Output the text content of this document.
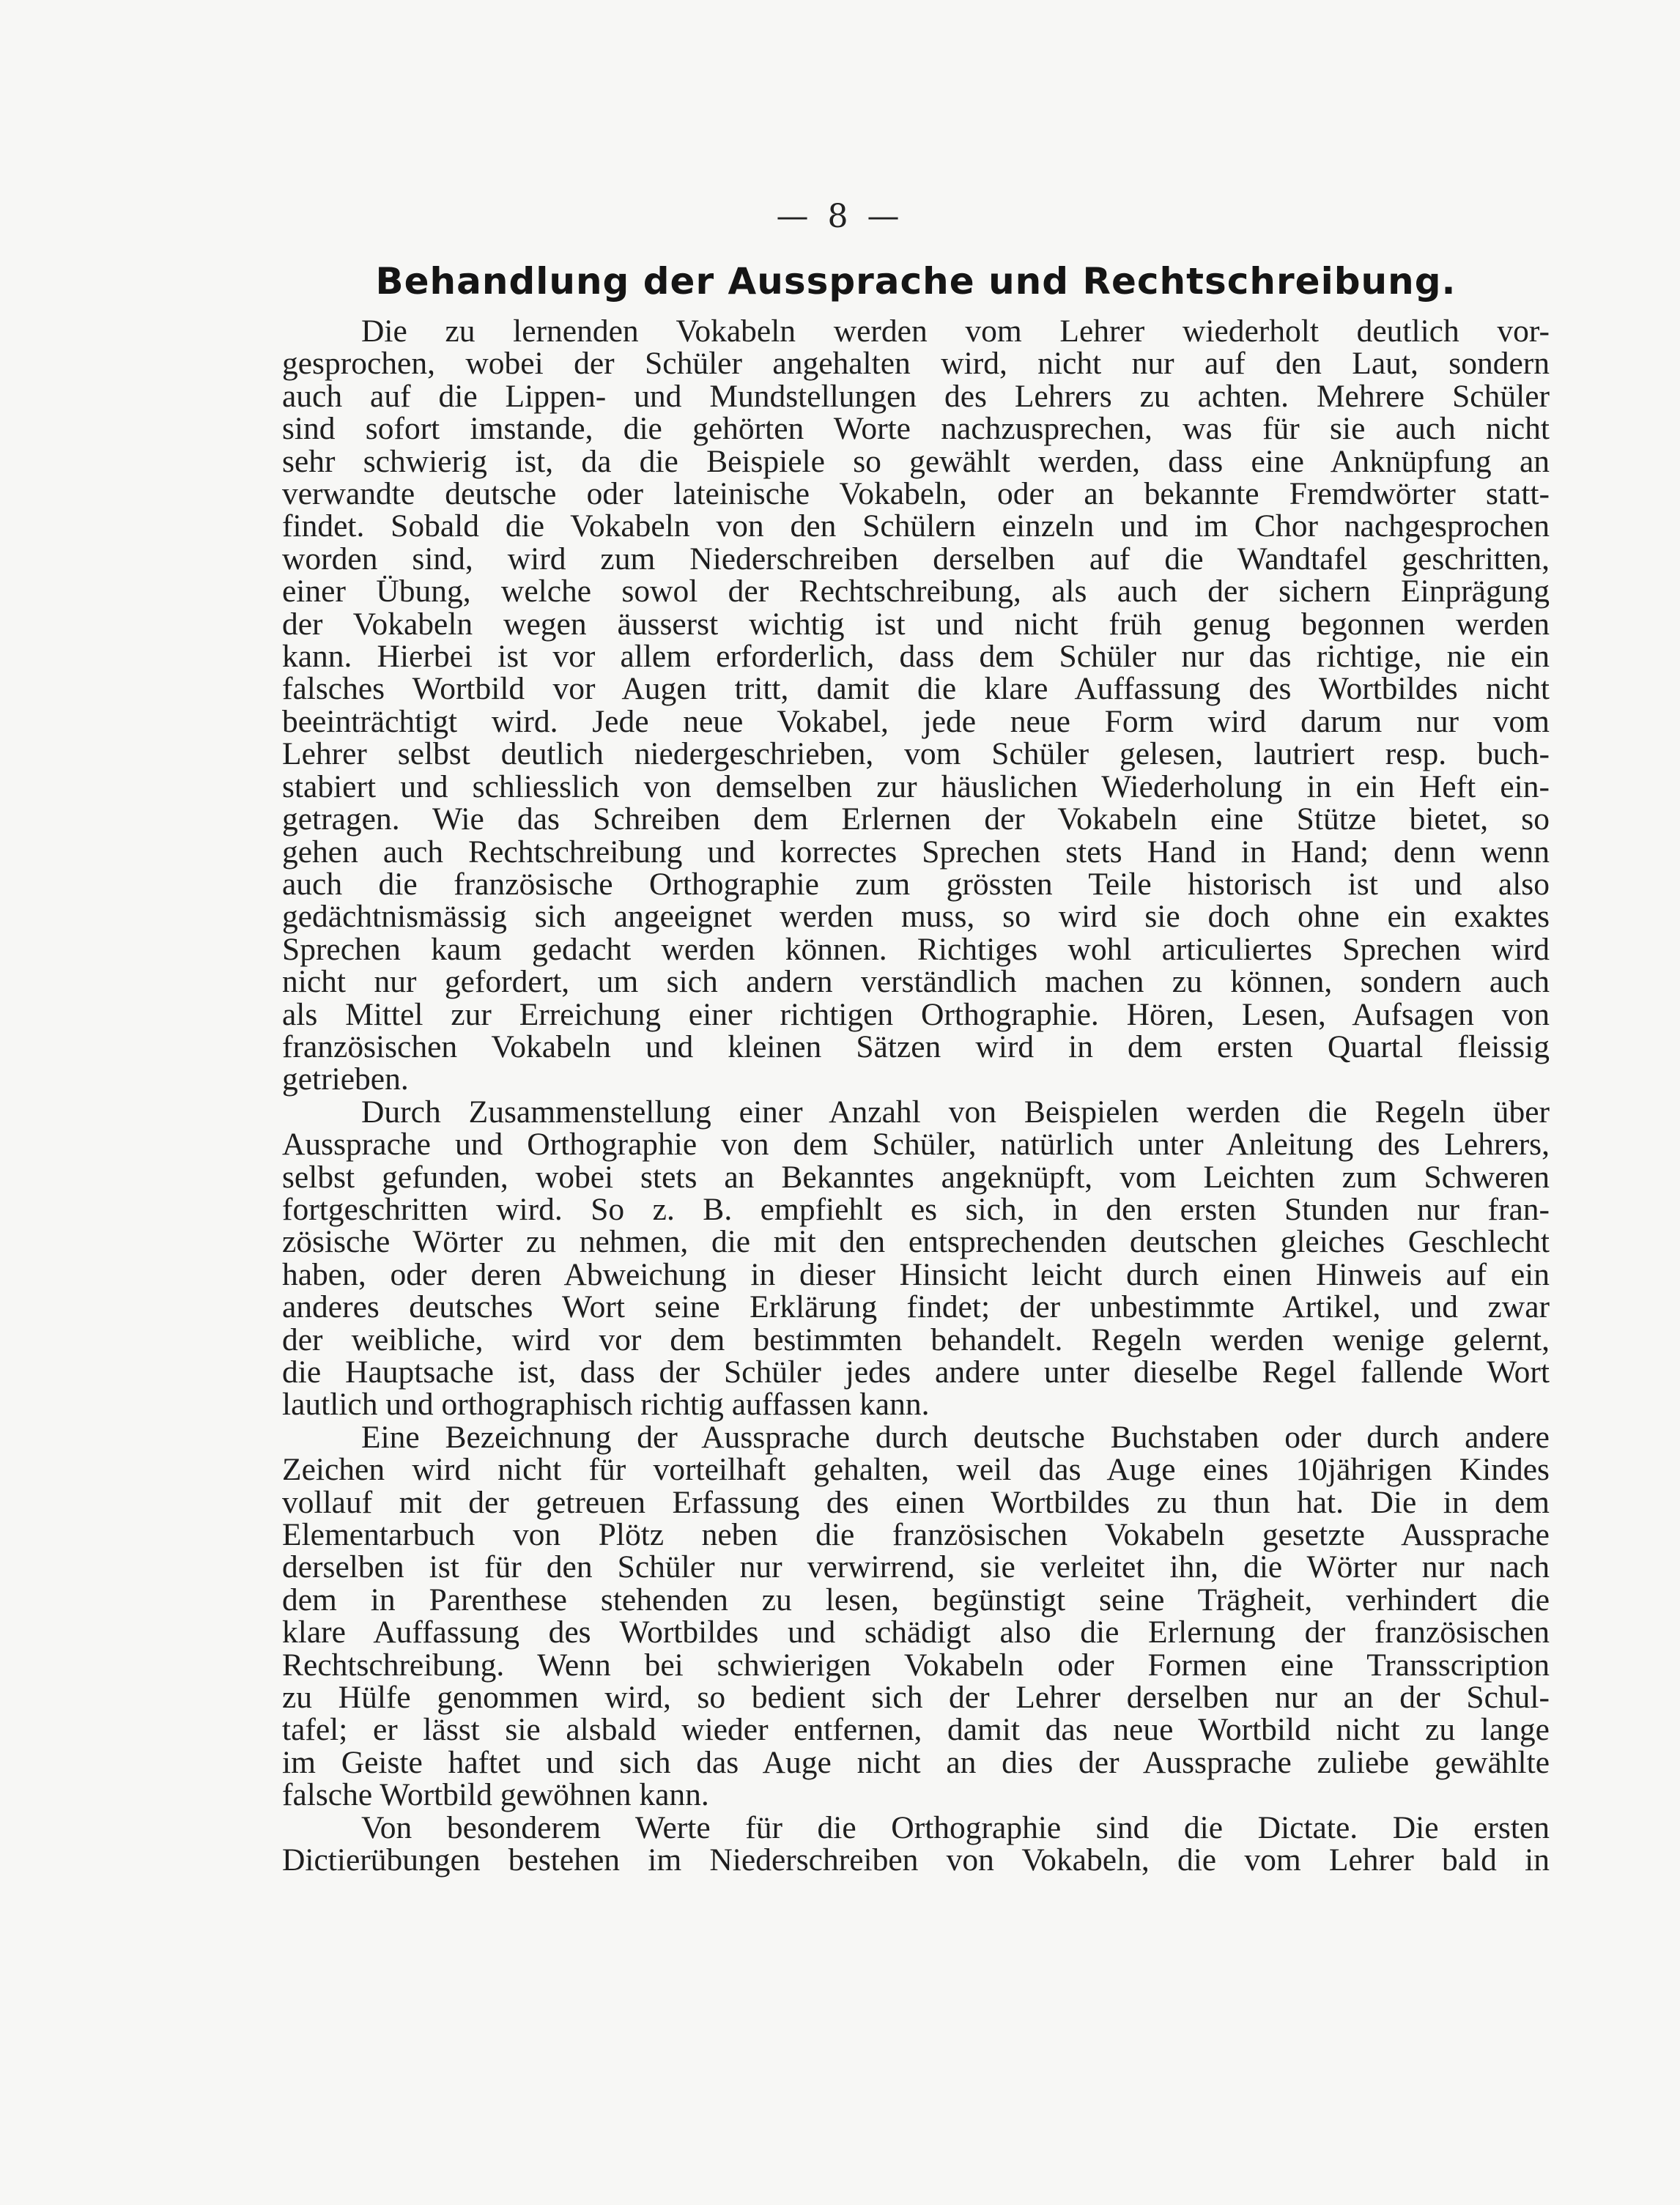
— 8 —
Behandlung der Aussprache und Rechtschreibung.
Die zu lernenden Vokabeln werden vom Lehrer wiederholt deutlich vor-
gesprochen, wobei der Schüler angehalten wird, nicht nur auf den Laut, sondern
auch auf die Lippen- und Mundstellungen des Lehrers zu achten. Mehrere Schüler
sind sofort imstande, die gehörten Worte nachzusprechen, was für sie auch nicht
sehr schwierig ist, da die Beispiele so gewählt werden, dass eine Anknüpfung an
verwandte deutsche oder lateinische Vokabeln, oder an bekannte Fremdwörter statt-
findet. Sobald die Vokabeln von den Schülern einzeln und im Chor nachgesprochen
worden sind, wird zum Niederschreiben derselben auf die Wandtafel geschritten,
einer Übung, welche sowol der Rechtschreibung, als auch der sichern Einprägung
der Vokabeln wegen äusserst wichtig ist und nicht früh genug begonnen werden
kann. Hierbei ist vor allem erforderlich, dass dem Schüler nur das richtige, nie ein
falsches Wortbild vor Augen tritt, damit die klare Auffassung des Wortbildes nicht
beeinträchtigt wird. Jede neue Vokabel, jede neue Form wird darum nur vom
Lehrer selbst deutlich niedergeschrieben, vom Schüler gelesen, lautriert resp. buch-
stabiert und schliesslich von demselben zur häuslichen Wiederholung in ein Heft ein-
getragen. Wie das Schreiben dem Erlernen der Vokabeln eine Stütze bietet, so
gehen auch Rechtschreibung und korrectes Sprechen stets Hand in Hand; denn wenn
auch die französische Orthographie zum grössten Teile historisch ist und also
gedächtnismässig sich angeeignet werden muss, so wird sie doch ohne ein exaktes
Sprechen kaum gedacht werden können. Richtiges wohl articuliertes Sprechen wird
nicht nur gefordert, um sich andern verständlich machen zu können, sondern auch
als Mittel zur Erreichung einer richtigen Orthographie. Hören, Lesen, Aufsagen von
französischen Vokabeln und kleinen Sätzen wird in dem ersten Quartal fleissig
getrieben.
Durch Zusammenstellung einer Anzahl von Beispielen werden die Regeln über
Aussprache und Orthographie von dem Schüler, natürlich unter Anleitung des Lehrers,
selbst gefunden, wobei stets an Bekanntes angeknüpft, vom Leichten zum Schweren
fortgeschritten wird. So z. B. empfiehlt es sich, in den ersten Stunden nur fran-
zösische Wörter zu nehmen, die mit den entsprechenden deutschen gleiches Geschlecht
haben, oder deren Abweichung in dieser Hinsicht leicht durch einen Hinweis auf ein
anderes deutsches Wort seine Erklärung findet; der unbestimmte Artikel, und zwar
der weibliche, wird vor dem bestimmten behandelt. Regeln werden wenige gelernt,
die Hauptsache ist, dass der Schüler jedes andere unter dieselbe Regel fallende Wort
lautlich und orthographisch richtig auffassen kann.
Eine Bezeichnung der Aussprache durch deutsche Buchstaben oder durch andere
Zeichen wird nicht für vorteilhaft gehalten, weil das Auge eines 10jährigen Kindes
vollauf mit der getreuen Erfassung des einen Wortbildes zu thun hat. Die in dem
Elementarbuch von Plötz neben die französischen Vokabeln gesetzte Aussprache
derselben ist für den Schüler nur verwirrend, sie verleitet ihn, die Wörter nur nach
dem in Parenthese stehenden zu lesen, begünstigt seine Trägheit, verhindert die
klare Auffassung des Wortbildes und schädigt also die Erlernung der französischen
Rechtschreibung. Wenn bei schwierigen Vokabeln oder Formen eine Transscription
zu Hülfe genommen wird, so bedient sich der Lehrer derselben nur an der Schul-
tafel; er lässt sie alsbald wieder entfernen, damit das neue Wortbild nicht zu lange
im Geiste haftet und sich das Auge nicht an dies der Aussprache zuliebe gewählte
falsche Wortbild gewöhnen kann.
Von besonderem Werte für die Orthographie sind die Dictate. Die ersten
Dictierübungen bestehen im Niederschreiben von Vokabeln, die vom Lehrer bald in
